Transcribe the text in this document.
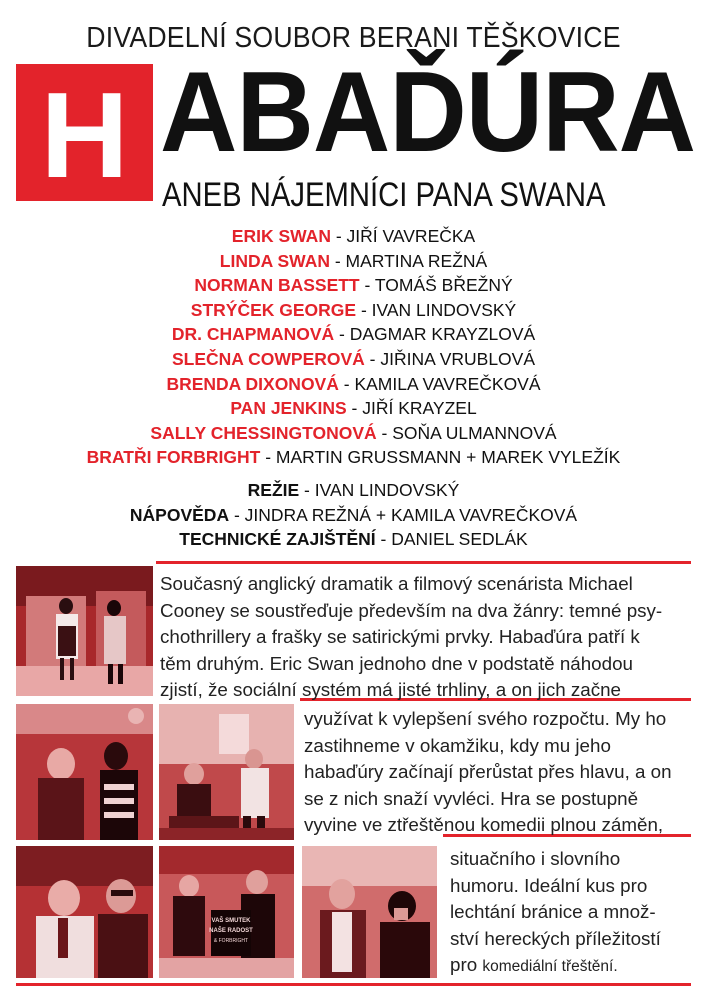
DIVADELNÍ SOUBOR BERANI TĚŠKOVICE
H ABAĎÚRA
ANEB NÁJEMNÍCI PANA SWANA
ERIK SWAN - JIŘÍ VAVREČKA
LINDA SWAN - MARTINA REŽNÁ
NORMAN BASSETT - TOMÁŠ BŘEŽNÝ
STRÝČEK GEORGE - IVAN LINDOVSKÝ
DR. CHAPMANOVÁ - DAGMAR KRAYZLOVÁ
SLEČNA COWPEROVÁ - JIŘINA VRUBLOVÁ
BRENDA DIXONOVÁ - KAMILA VAVREČKOVÁ
PAN JENKINS - JIŘÍ KRAYZEL
SALLY CHESSINGTONOVÁ - SOŇA ULMANNOVÁ
BRATŘI FORBRIGHT - MARTIN GRUSSMANN + MAREK VYLEŽÍK
REŽIE - IVAN LINDOVSKÝ
NÁPOVĚDA - JINDRA REŽNÁ + KAMILA VAVREČKOVÁ
TECHNICKÉ ZAJIŠTĚNÍ - DANIEL SEDLÁK
VAŠ SMUTEK
NAŠE RADOST
& FORBRIGHT
Současný anglický dramatik a filmový scenárista Michael
Cooney se soustřeďuje především na dva žánry: temné psy-
chothrillery a frašky se satirickými prvky. Habaďúra patří k
těm druhým. Eric Swan jednoho dne v podstatě náhodou
zjistí, že sociální systém má jisté trhliny, a on jich začne
využívat k vylepšení svého rozpočtu. My ho
zastihneme v okamžiku, kdy mu jeho
habaďúry začínají přerůstat přes hlavu, a on
se z nich snaží vyvléci. Hra se postupně
vyvine ve ztřeštěnou komedii plnou záměn,
situačního i slovního
humoru. Ideální kus pro
lechtání bránice a množ-
ství hereckých příležitostí
pro komediální třeštění.
